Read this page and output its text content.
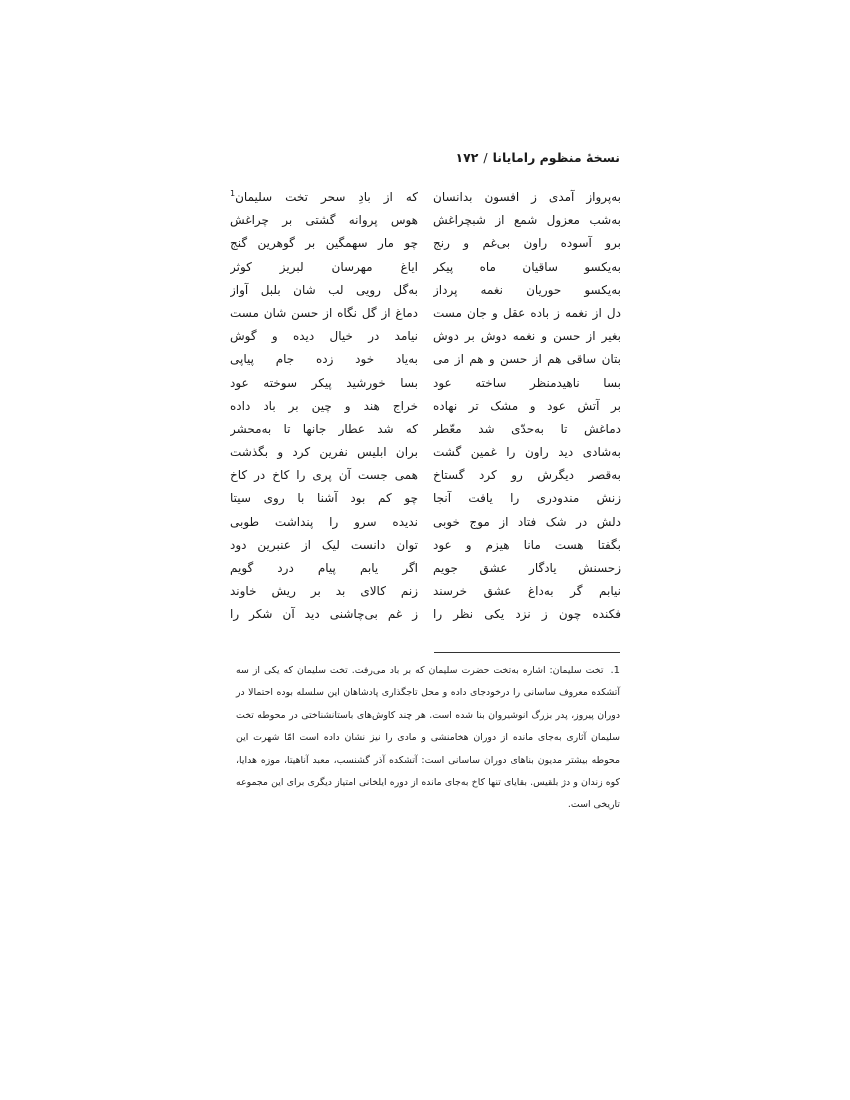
نسخهٔ منظوم رامایانا/۱۷۲
به‌پرواز آمدی ز افسون بدانسان
به‌شب معزول شمع از شبچراغش
برو آسوده راون بی‌غم و رنج
به‌یکسو ساقیان ماه پیکر
به‌یکسو حوریان نغمه پرداز
دل از نغمه ز باده عقل و جان مست
بغیر از حسن و نغمه دوش بر دوش
بتان ساقی هم از حسن و هم از می
بسا ناهیدمنظر ساخته عود
بر آتش عود و مشک تر نهاده
دماغش تا به‌حدّی شد معّطر
به‌شادی دید راون را غمین گشت
به‌قصر دیگرش رو کرد گستاخ
زنش مندودری را یافت آنجا
دلش در شک فتاد از موج خوبی
بگفتا هست مانا هیزم و عود
زحسنش یادگار عشق جویم
نیابم گر به‌داغ عشق خرسند
فکنده چون ز نزد یکی نظر را
که از بادِ سحر تخت سلیمان$^1$
هوس پروانه گشتی بر چراغش
چو مار سهمگین بر گوهرین گنج
ایاغ مهرسان لبریز کوثر
به‌گل رویی لب شان بلبل آواز
دماغ از گل نگاه از حسن شان مست
نیامد در خیال دیده و گوش
به‌یاد خود زده جام پیاپی
بسا خورشید پیکر سوخته عود
خراج هند و چین بر باد داده
که شد عطار جانها تا به‌محشر
بران ابلیس نفرین کرد و بگذشت
همی جست آن پری را کاخ در کاخ
چو کم بود آشنا با روی سیتا
ندیده سرو را پنداشت طوبی
توان دانست لیک از عنبرین دود
اگر یابم پیام درد گویم
زنم کالای بد بر ریش خاوند
ز غم بی‌چاشنی دید آن شکر را
1. تخت سلیمان: اشاره به‌تخت حضرت سلیمان که بر باد می‌رفت. تخت سلیمان که یکی از سه آتشکده معروف ساسانی را درخودجای داده و محل تاجگذاری پادشاهان این سلسله بوده احتمالا در دوران پیروز، پدر بزرگ انوشیروان بنا شده است. هر چند کاوش‌های باستانشناختی در محوطه تخت سلیمان آثاری به‌جای مانده از دوران هخامنشی و مادی را نیز نشان داده است امّا شهرت این محوطه بیشتر مدیون بناهای دوران ساسانی است: آتشکده آذر گشنسب، معبد آناهیتا، موزه هدایا، کوه زندان و دژ بلقیس. بقایای تنها کاخ به‌جای مانده از دوره ایلخانی امتیاز دیگری برای این مجموعه تاریخی است.
